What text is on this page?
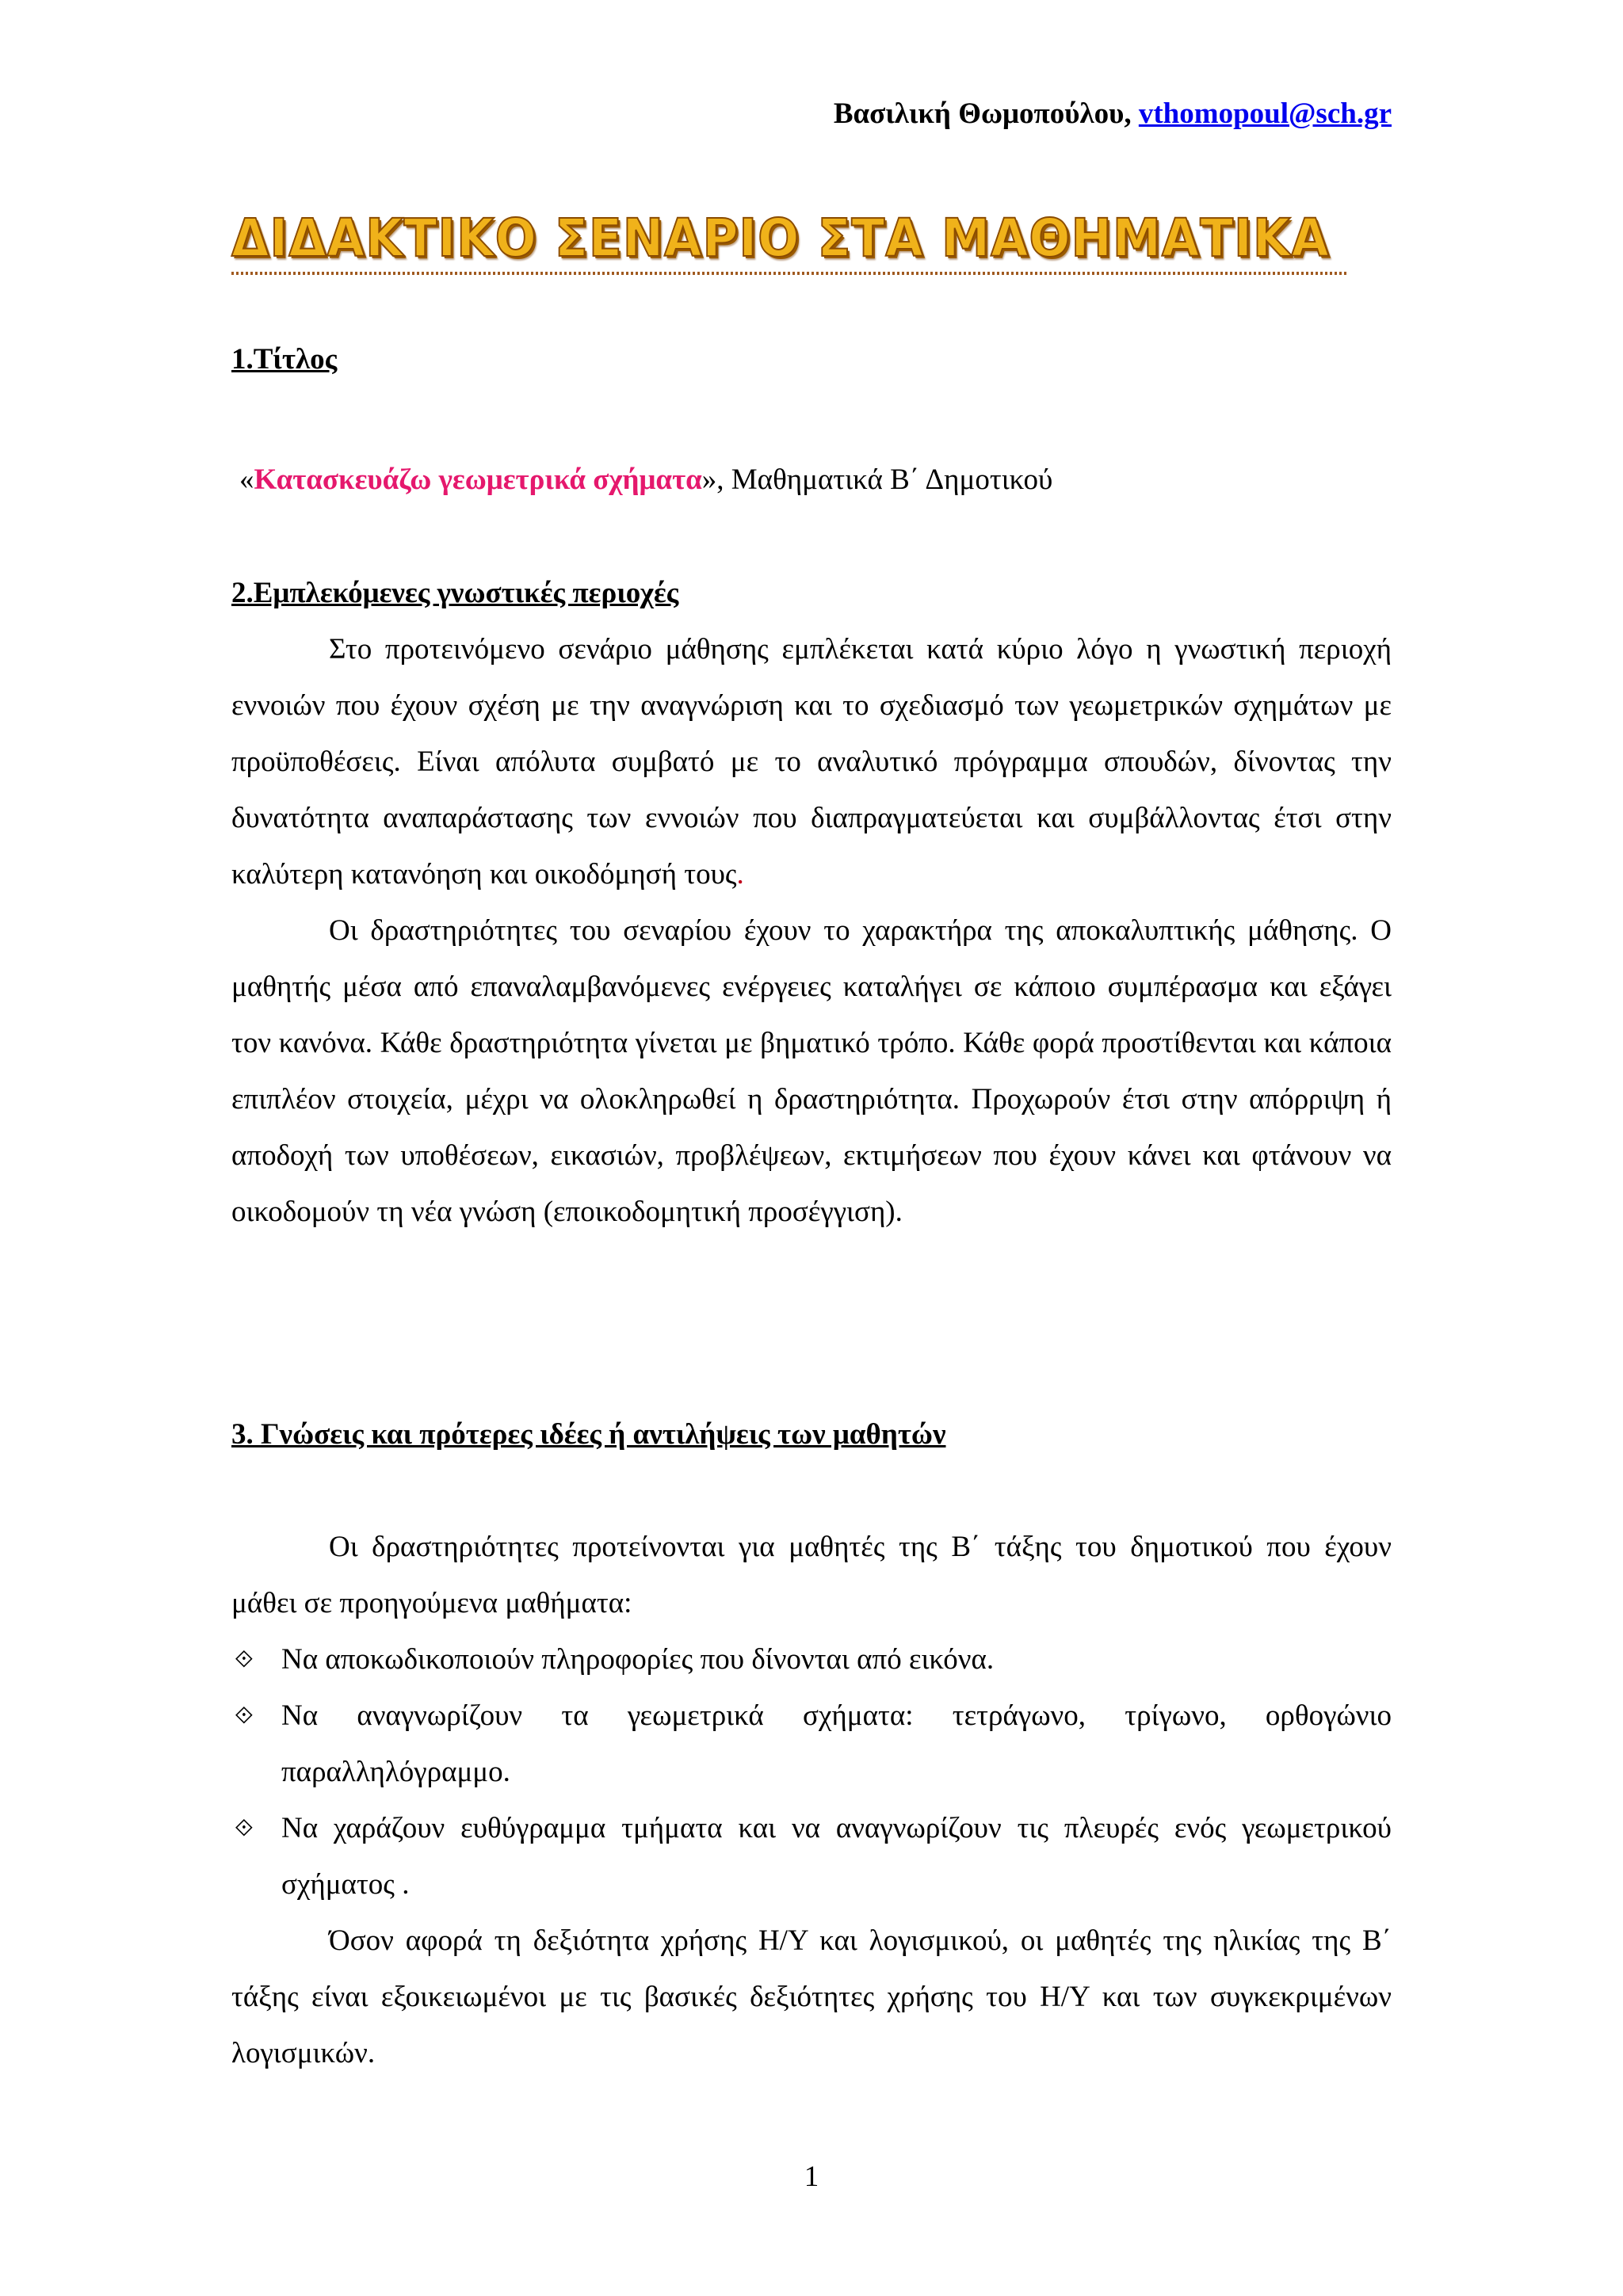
Βασιλική Θωμοπούλου, vthomopoul@sch.gr
ΔΙΔΑΚΤΙΚΟ ΣΕΝΑΡΙΟ ΣΤΑ ΜΑΘΗΜΑΤΙΚΑ
1.Τίτλος
«Κατασκευάζω γεωμετρικά σχήματα», Μαθηματικά Β΄ Δημοτικού
2.Εμπλεκόμενες γνωστικές περιοχές
Στο προτεινόμενο σενάριο μάθησης εμπλέκεται κατά κύριο λόγο η γνωστική περιοχή εννοιών που έχουν σχέση με την αναγνώριση και το σχεδιασμό των γεωμετρικών σχημάτων με προϋποθέσεις. Είναι απόλυτα συμβατό με το αναλυτικό πρόγραμμα σπουδών, δίνοντας την δυνατότητα αναπαράστασης των εννοιών που διαπραγματεύεται και συμβάλλοντας έτσι στην καλύτερη κατανόηση και οικοδόμησή τους.
Οι δραστηριότητες του σεναρίου έχουν το χαρακτήρα της αποκαλυπτικής μάθησης. Ο μαθητής μέσα από επαναλαμβανόμενες ενέργειες καταλήγει σε κάποιο συμπέρασμα και εξάγει τον κανόνα. Κάθε δραστηριότητα γίνεται με βηματικό τρόπο. Κάθε φορά προστίθενται και κάποια επιπλέον στοιχεία, μέχρι να ολοκληρωθεί η δραστηριότητα. Προχωρούν έτσι στην απόρριψη ή αποδοχή των υποθέσεων, εικασιών, προβλέψεων, εκτιμήσεων που έχουν κάνει και φτάνουν να οικοδομούν τη νέα γνώση (εποικοδομητική προσέγγιση).
3. Γνώσεις και πρότερες ιδέες ή αντιλήψεις των μαθητών
Οι δραστηριότητες προτείνονται για μαθητές της Β΄ τάξης του δημοτικού που έχουν μάθει σε προηγούμενα μαθήματα:
⟐ Να αποκωδικοποιούν πληροφορίες που δίνονται από εικόνα.
⟐ Να αναγνωρίζουν τα γεωμετρικά σχήματα: τετράγωνο, τρίγωνο, ορθογώνιο παραλληλόγραμμο.
⟐ Να χαράζουν ευθύγραμμα τμήματα και να αναγνωρίζουν τις πλευρές ενός γεωμετρικού σχήματος .
Όσον αφορά τη δεξιότητα χρήσης Η/Υ και λογισμικού, οι μαθητές της ηλικίας της Β΄ τάξης είναι εξοικειωμένοι με τις βασικές δεξιότητες χρήσης του Η/Υ και των συγκεκριμένων λογισμικών.
1
